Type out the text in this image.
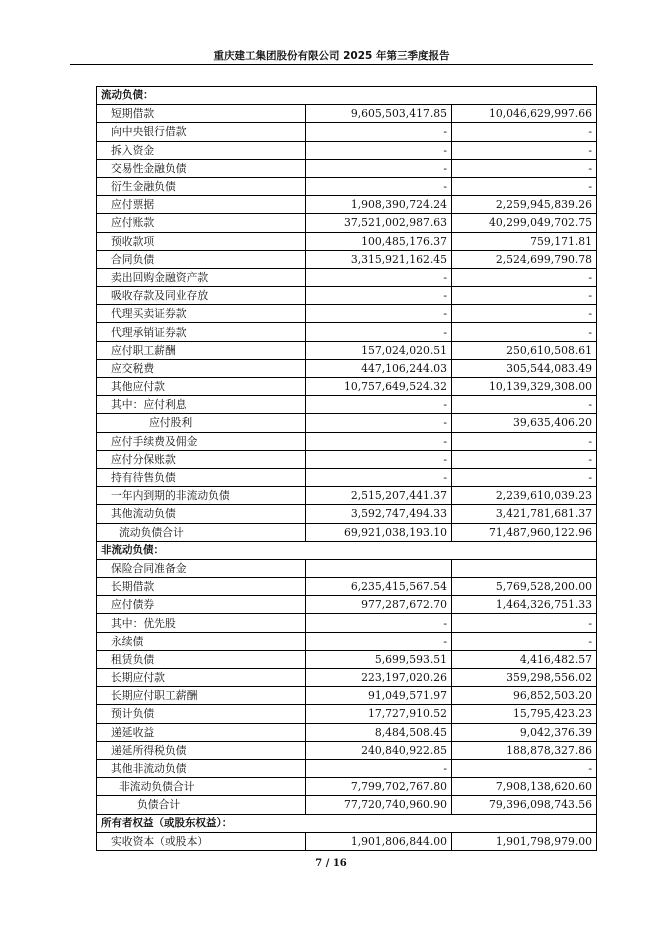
重庆建工集团股份有限公司 2025 年第三季度报告
流动负债：		
短期借款	9,605,503,417.85	10,046,629,997.66
向中央银行借款	-	-
拆入资金	-	-
交易性金融负债	-	-
衍生金融负债	-	-
应付票据	1,908,390,724.24	2,259,945,839.26
应付账款	37,521,002,987.63	40,299,049,702.75
预收款项	100,485,176.37	759,171.81
合同负债	3,315,921,162.45	2,524,699,790.78
卖出回购金融资产款	-	-
吸收存款及同业存放	-	-
代理买卖证券款	-	-
代理承销证券款	-	-
应付职工薪酬	157,024,020.51	250,610,508.61
应交税费	447,106,244.03	305,544,083.49
其他应付款	10,757,649,524.32	10,139,329,308.00
其中：应付利息	-	-
应付股利	-	39,635,406.20
应付手续费及佣金	-	-
应付分保账款	-	-
持有待售负债	-	-
一年内到期的非流动负债	2,515,207,441.37	2,239,610,039.23
其他流动负债	3,592,747,494.33	3,421,781,681.37
流动负债合计	69,921,038,193.10	71,487,960,122.96
非流动负债：		
保险合同准备金		
长期借款	6,235,415,567.54	5,769,528,200.00
应付债券	977,287,672.70	1,464,326,751.33
其中：优先股	-	-
永续债	-	-
租赁负债	5,699,593.51	4,416,482.57
长期应付款	223,197,020.26	359,298,556.02
长期应付职工薪酬	91,049,571.97	96,852,503.20
预计负债	17,727,910.52	15,795,423.23
递延收益	8,484,508.45	9,042,376.39
递延所得税负债	240,840,922.85	188,878,327.86
其他非流动负债	-	-
非流动负债合计	7,799,702,767.80	7,908,138,620.60
负债合计	77,720,740,960.90	79,396,098,743.56
所有者权益（或股东权益）：		
实收资本（或股本）	1,901,806,844.00	1,901,798,979.00
7 / 16
